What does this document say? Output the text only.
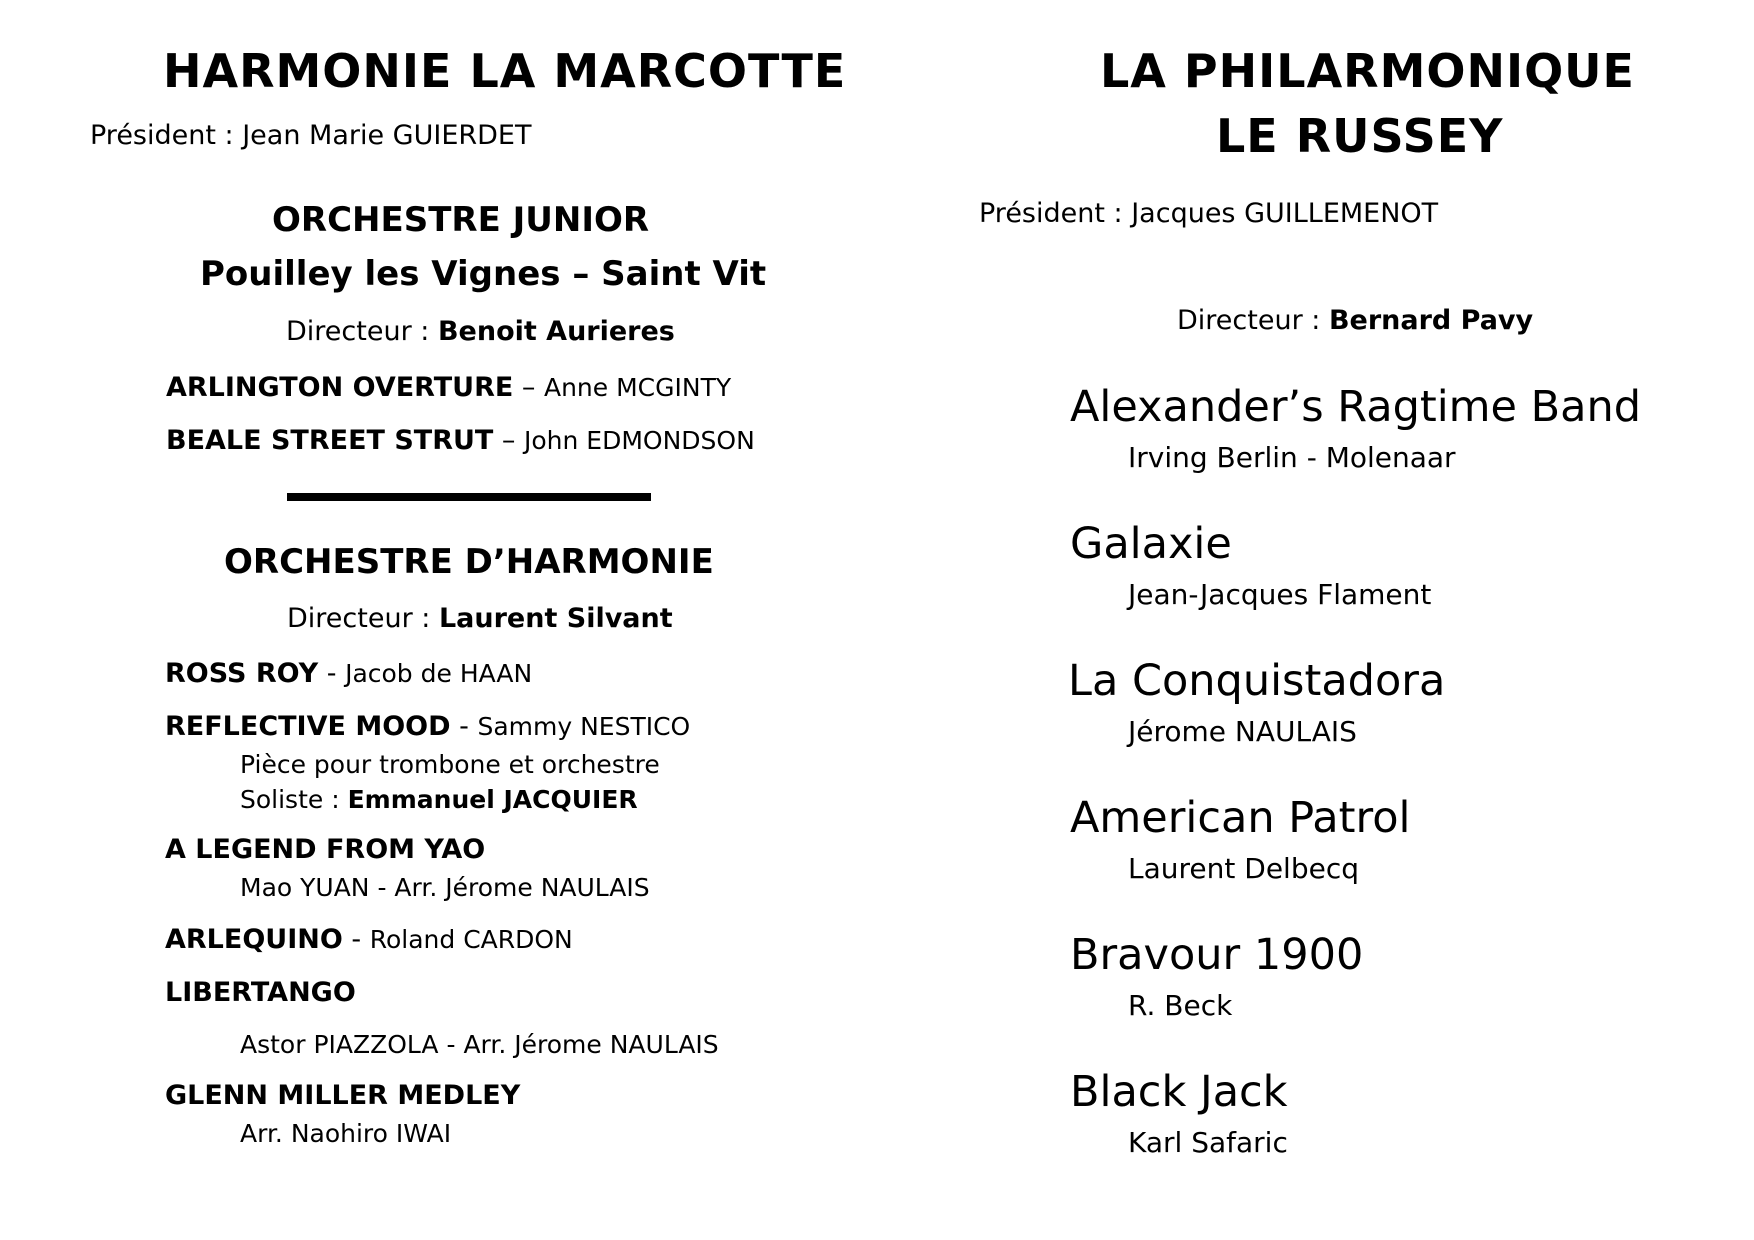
HARMONIE LA MARCOTTE
Président : Jean Marie GUIERDET
ORCHESTRE JUNIOR
Pouilley les Vignes – Saint Vit
Directeur : Benoit Aurieres
ARLINGTON OVERTURE – Anne MCGINTY
BEALE STREET STRUT – John EDMONDSON
ORCHESTRE D’HARMONIE
Directeur : Laurent Silvant
ROSS ROY - Jacob de HAAN
REFLECTIVE MOOD - Sammy NESTICO
Pièce pour trombone et orchestre
Soliste : Emmanuel JACQUIER
A LEGEND FROM YAO
Mao YUAN - Arr. Jérome NAULAIS
ARLEQUINO - Roland CARDON
LIBERTANGO
Astor PIAZZOLA - Arr. Jérome NAULAIS
GLENN MILLER MEDLEY
Arr. Naohiro IWAI
LA PHILARMONIQUE
LE RUSSEY
Président : Jacques GUILLEMENOT
Directeur : Bernard Pavy
Alexander’s Ragtime Band
Irving Berlin - Molenaar
Galaxie
Jean-Jacques Flament
La Conquistadora
Jérome NAULAIS
American Patrol
Laurent Delbecq
Bravour 1900
R. Beck
Black Jack
Karl Safaric
